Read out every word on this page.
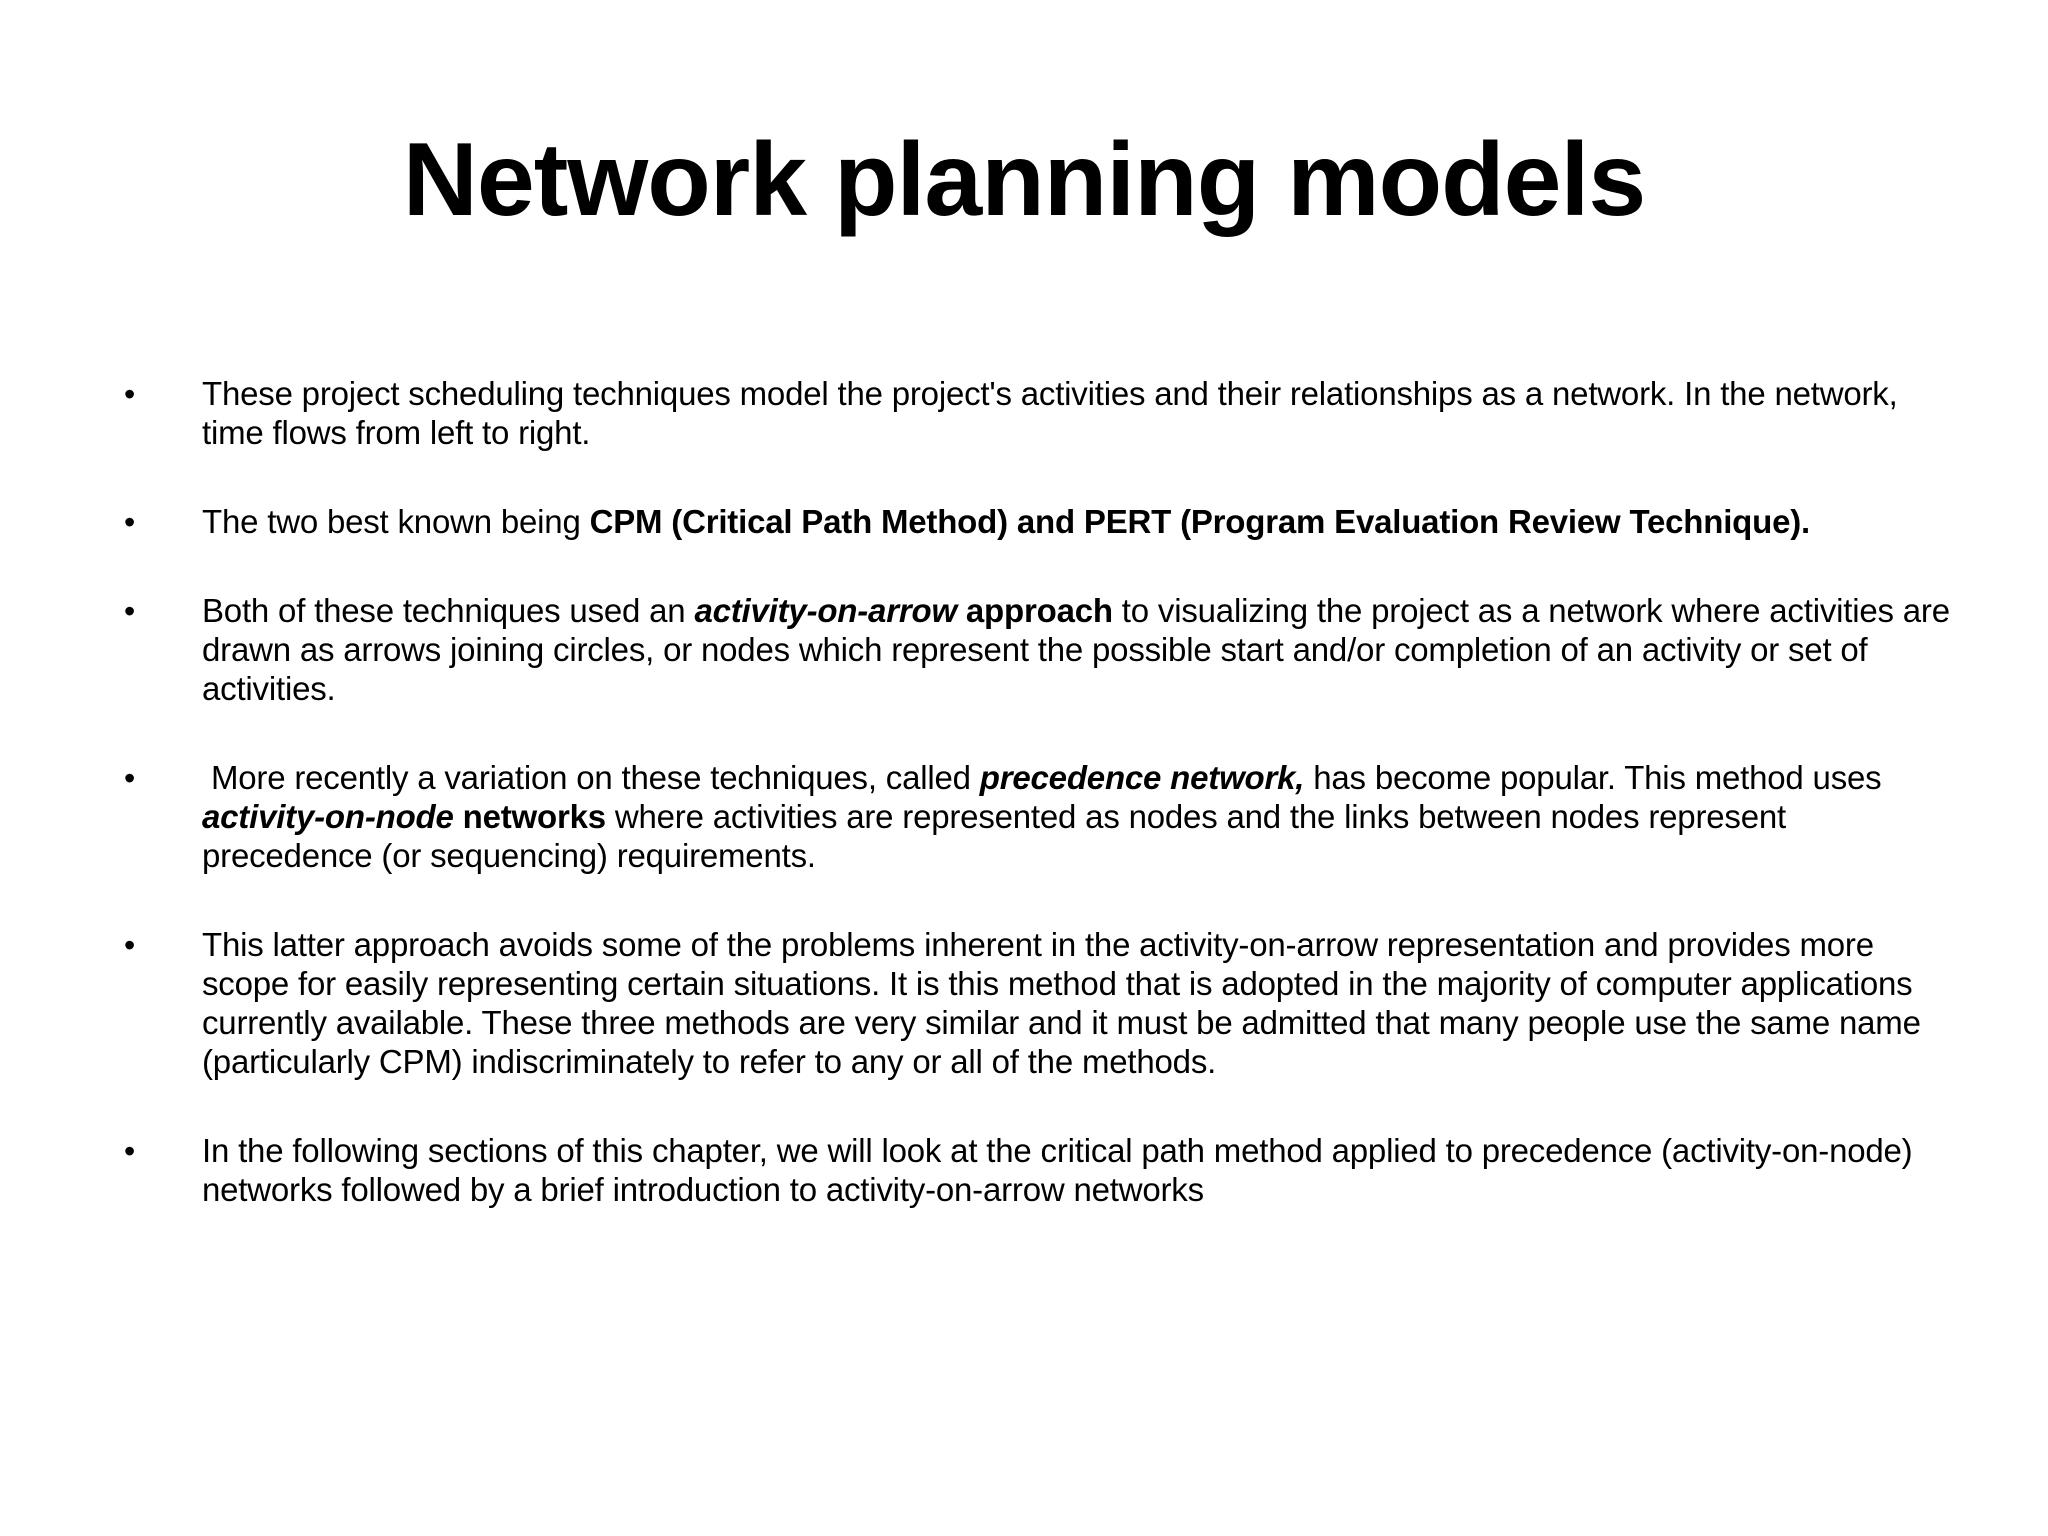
Network planning models
• These project scheduling techniques model the project's activities and their relationships as a network. In the network, time flows from left to right.
• The two best known being CPM (Critical Path Method) and PERT (Program Evaluation Review Technique).
• Both of these techniques used an activity-on-arrow approach to visualizing the project as a network where activities are drawn as arrows joining circles, or nodes which represent the possible start and/or completion of an activity or set of activities.
• More recently a variation on these techniques, called precedence network, has become popular. This method uses activity-on-node networks where activities are represented as nodes and the links between nodes represent precedence (or sequencing) requirements.
• This latter approach avoids some of the problems inherent in the activity-on-arrow representation and provides more scope for easily representing certain situations. It is this method that is adopted in the majority of computer applications currently available. These three methods are very similar and it must be admitted that many people use the same name (particularly CPM) indiscriminately to refer to any or all of the methods.
• In the following sections of this chapter, we will look at the critical path method applied to precedence (activity-on-node) networks followed by a brief introduction to activity-on-arrow networks
